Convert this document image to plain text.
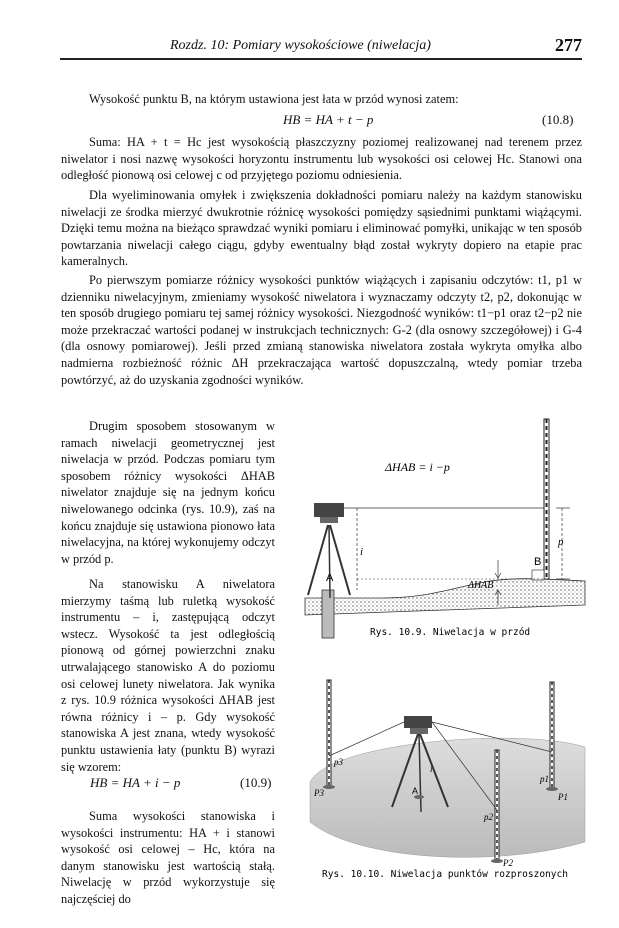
Rozdz. 10: Pomiary wysokościowe (niwelacja)	277
Wysokość punktu B, na którym ustawiona jest łata w przód wynosi zatem:
HB = HA + t − p	(10.8)
Suma: HA + t = Hc jest wysokością płaszczyzny poziomej realizowanej nad terenem przez niwelator i nosi nazwę wysokości horyzontu instrumentu lub wysokości osi celowej Hc. Stanowi ona odległość pionową osi celowej c od przyjętego poziomu odniesienia.
Dla wyeliminowania omyłek i zwiększenia dokładności pomiaru należy na każdym stanowisku niwelacji ze środka mierzyć dwukrotnie różnicę wysokości pomiędzy sąsiednimi punktami wiążącymi. Dzięki temu można na bieżąco sprawdzać wyniki pomiaru i eliminować pomyłki, unikając w ten sposób powtarzania niwelacji całego ciągu, gdyby ewentualny błąd został wykryty dopiero na etapie prac kameralnych.
Po pierwszym pomiarze różnicy wysokości punktów wiążących i zapisaniu odczytów: t1, p1 w dzienniku niwelacyjnym, zmieniamy wysokość niwelatora i wyznaczamy odczyty t2, p2, dokonując w ten sposób drugiego pomiaru tej samej różnicy wysokości. Niezgodność wyników: t1−p1 oraz t2−p2 nie może przekraczać wartości podanej w instrukcjach technicznych: G-2 (dla osnowy szczegółowej) i G-4 (dla osnowy pomiarowej). Jeśli przed zmianą stanowiska niwelatora została wykryta omyłka albo nadmierna rozbieżność różnic ΔH przekraczająca wartość dopuszczalną, wtedy pomiar trzeba powtórzyć, aż do uzyskania zgodności wyników.
Drugim sposobem stosowanym w ramach niwelacji geometrycznej jest niwelacja w przód. Podczas pomiaru tym sposobem różnicy wysokości ΔHAB niwelator znajduje się na jednym końcu niwelowanego odcinka (rys. 10.9), zaś na końcu znajduje się ustawiona pionowo łata niwelacyjna, na której wykonujemy odczyt w przód p.
Na stanowisku A niwelatora mierzymy taśmą lub ruletką wysokość instrumentu – i, zastępującą odczyt wstecz. Wysokość ta jest odległością pionową od górnej powierzchni znaku utrwalającego stanowisko A do poziomu osi celowej lunety niwelatora. Jak wynika z rys. 10.9 różnica wysokości ΔHAB jest równa różnicy i – p. Gdy wysokość stanowiska A jest znana, wtedy wysokość punktu ustawienia łaty (punktu B) wyrazi się wzorem:
HB = HA + i − p	(10.9)
Suma wysokości stanowiska i wysokości instrumentu: HA + i stanowi wysokość osi celowej – Hc, która na danym stanowisku jest wartością stałą. Niwelację w przód wykorzystuje się najczęściej do
ΔHAB = i −p
i
p
A
B
ΔHAB
Rys. 10.9. Niwelacja w przód
p3
P3
i
A
p1
P1
p2
P2
Rys. 10.10. Niwelacja punktów rozproszonych
